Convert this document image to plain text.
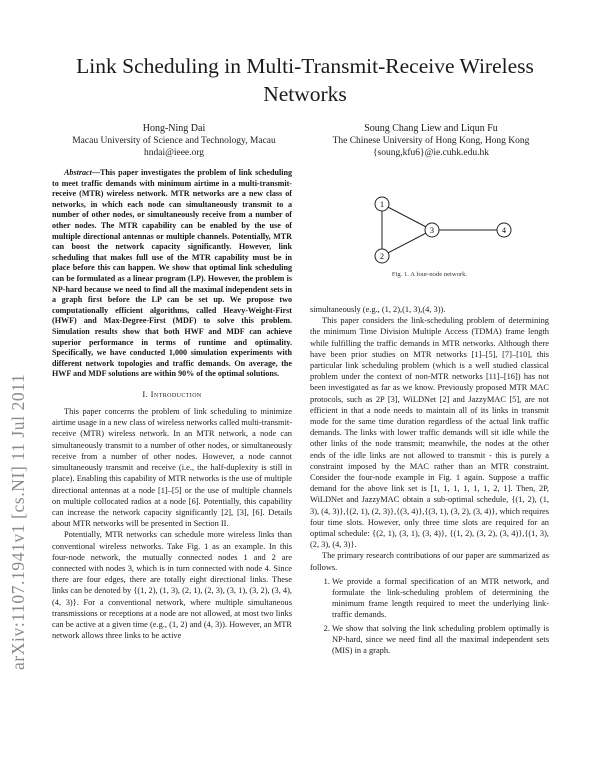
Link Scheduling in Multi-Transmit-Receive Wireless Networks
Hong-Ning Dai
Macau University of Science and Technology, Macau
hndai@ieee.org
Soung Chang Liew and Liqun Fu
The Chinese University of Hong Kong, Hong Kong
{soung,kfu6}@ie.cuhk.edu.hk
arXiv:1107.1941v1 [cs.NI] 11 Jul 2011

Abstract—This paper investigates the problem of link scheduling to meet traffic demands with minimum airtime in a multi-transmit-receive (MTR) wireless network. MTR networks are a new class of networks, in which each node can simultaneously transmit to a number of other nodes, or simultaneously receive from a number of other nodes. The MTR capability can be enabled by the use of multiple directional antennas or multiple channels. Potentially, MTR can boost the network capacity significantly. However, link scheduling that makes full use of the MTR capability must be in place before this can happen. We show that optimal link scheduling can be formulated as a linear program (LP). However, the problem is NP-hard because we need to find all the maximal independent sets in a graph first before the LP can be set up. We propose two computationally efficient algorithms, called Heavy-Weight-First (HWF) and Max-Degree-First (MDF) to solve this problem. Simulation results show that both HWF and MDF can achieve superior performance in terms of runtime and optimality. Specifically, we have conducted 1,000 simulation experiments with different network topologies and traffic demands. On average, the HWF and MDF solutions are within 90% of the optimal solutions.

I. Introduction

This paper concerns the problem of link scheduling to minimize airtime usage in a new class of wireless networks called multi-transmit-receive (MTR) wireless network. In an MTR network, a node can simultaneously transmit to a number of other nodes, or simultaneously receive from a number of other nodes. However, a node cannot simultaneously transmit and receive (i.e., the half-duplexity is still in place). Enabling this capability of MTR networks is the use of multiple directional antennas at a node [1]–[5] or the use of multiple channels on multiple collocated radios at a node [6]. Potentially, this capability can increase the network capacity significantly [2], [3], [6]. Details about MTR networks will be presented in Section II.

Potentially, MTR networks can schedule more wireless links than conventional wireless networks. Take Fig. 1 as an example. In this four-node network, the mutually connected nodes 1 and 2 are connected with nodes 3, which is in turn connected with node 4. Since there are four edges, there are totally eight directional links. These links can be denoted by {(1, 2), (1, 3), (2, 1), (2, 3), (3, 1), (3, 2), (3, 4), (4, 3)}. For a conventional network, where multiple simultaneous transmissions or receptions at a node are not allowed, at most two links can be active at a given time (e.g., (1, 2) and (4, 3)). However, an MTR network allows three links to be active

1
2
3	4
Fig. 1. A four-node network.

simultaneously (e.g., (1, 2),(1, 3),(4, 3)).

This paper considers the link-scheduling problem of determining the minimum Time Division Multiple Access (TDMA) frame length while fulfilling the traffic demands in MTR networks. Although there have been prior studies on MTR networks [1]–[5], [7]–[10], this particular link scheduling problem (which is a well studied classical problem under the context of non-MTR networks [11]–[16]) has not been investigated as far as we know. Previously proposed MTR MAC protocols, such as 2P [3], WiLDNet [2] and JazzyMAC [5], are not efficient in that a node needs to maintain all of its links in transmit mode for the same time duration regardless of the actual link traffic demands. The links with lower traffic demands will sit idle while the other links of the node transmit; meanwhile, the nodes at the other ends of the idle links are not allowed to transmit - this is purely a constraint imposed by the MAC rather than an MTR constraint. Consider the four-node example in Fig. 1 again. Suppose a traffic demand for the above link set is [1, 1, 1, 1, 1, 1, 2, 1]. Then, 2P, WiLDNet and JazzyMAC obtain a sub-optimal schedule, {(1, 2), (1, 3), (4, 3)},{(2, 1), (2, 3)},{(3, 4)},{(3, 1), (3, 2), (3, 4)}, which requires four time slots. However, only three time slots are required for an optimal schedule: {(2, 1), (3, 1), (3, 4)}, {(1, 2), (3, 2), (3, 4)},{(1, 3), (2, 3), (4, 3)}.

The primary research contributions of our paper are summarized as follows.

1. We provide a formal specification of an MTR network, and formulate the link-scheduling problem of determining the minimum frame length required to meet the underlying link-traffic demands.
2. We show that solving the link scheduling problem optimally is NP-hard, since we need find all the maximal independent sets (MIS) in a graph.
